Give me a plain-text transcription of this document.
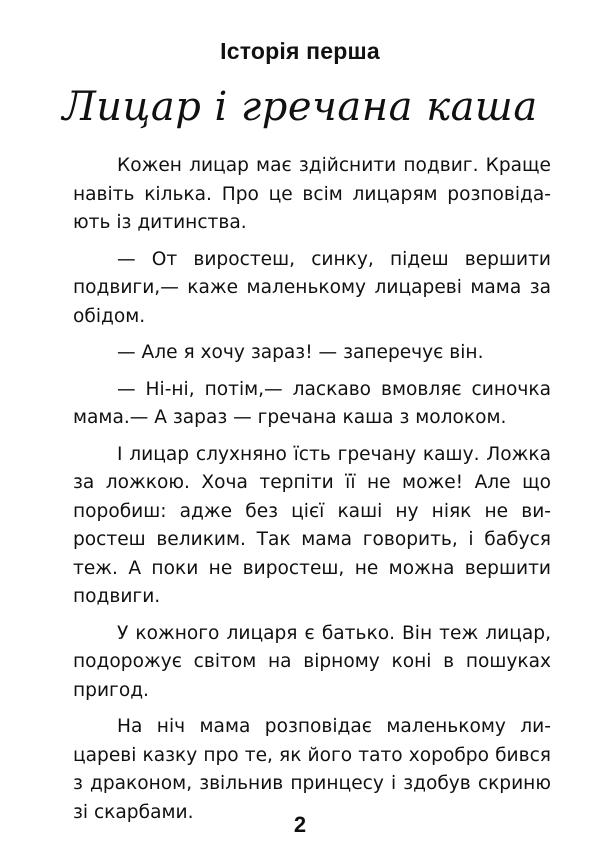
Історія перша
Лицар і гречана каша

Кожен лицар має здійснити подвиг. Краще навіть кілька. Про це всім лицарям розповідають із дитинства.

— От виростеш, синку, підеш вершити подвиги,— каже маленькому лицареві мама за обідом.

— Але я хочу зараз! — заперечує він.

— Ні-ні, потім,— ласкаво вмовляє синочка мама.— А зараз — гречана каша з молоком.

І лицар слухняно їсть гречану кашу. Ложка за ложкою. Хоча терпіти її не може! Але що поробиш: адже без цієї каші ну ніяк не виростеш великим. Так мама говорить, і бабуся теж. А поки не виростеш, не можна вершити подвиги.

У кожного лицаря є батько. Він теж лицар, подорожує світом на вірному коні в пошуках пригод.

На ніч мама розповідає маленькому лицареві казку про те, як його тато хоробро бився з драконом, звільнив принцесу і здобув скриню зі скарбами.	2
